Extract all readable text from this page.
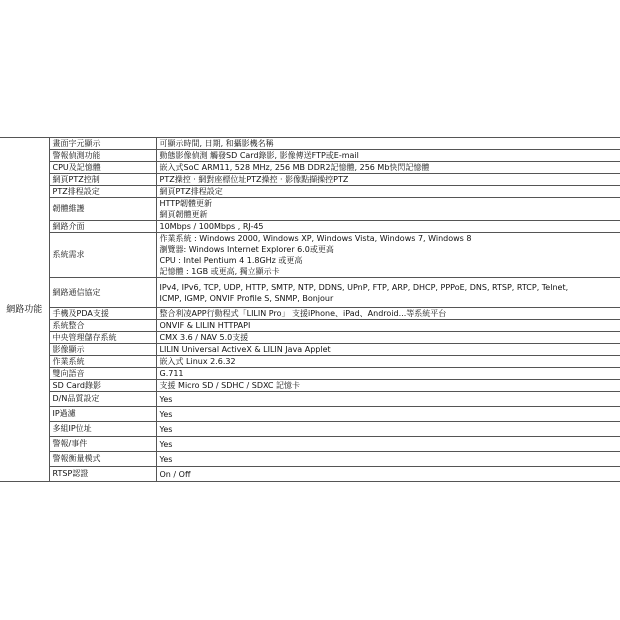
網路功能	畫面字元顯示	可顯示時間, 日期, 和攝影機名稱

	警報偵測功能	動態影像偵測 觸發SD Card錄影, 影像傳送FTP或E-mail

	CPU及記憶體	嵌入式SoC ARM11, 528 MHz, 256 MB DDR2記憶體, 256 Mb快閃記憶體

	網頁PTZ控制	PTZ操控 ‧ 網對座標位址PTZ操控 ‧ 影像點擷操控PTZ

	PTZ排程設定	網頁PTZ排程設定

	韌體維護	HTTP韌體更新
網頁韌體更新

	網路介面	10Mbps / 100Mbps , RJ-45

	系統需求	作業系統 : Windows 2000, Windows XP, Windows Vista, Windows 7, Windows 8
瀏覽器: Windows Internet Explorer 6.0或更高
CPU : Intel Pentium 4 1.8GHz 或更高
記憶體 : 1GB 或更高, 獨立顯示卡

	網路通信協定	IPv4, IPv6, TCP, UDP, HTTP, SMTP, NTP, DDNS, UPnP, FTP, ARP, DHCP, PPPoE, DNS, RTSP, RTCP, Telnet,
ICMP, IGMP, ONVIF Profile S, SNMP, Bonjour

	手機及PDA支援	整合利凌APP行動程式「LILIN Pro」 支援iPhone、iPad、Android...等系統平台

	系統整合	ONVIF & LILIN HTTPAPI

	中央管理儲存系統	CMX 3.6 / NAV 5.0支援

	影像顯示	LILIN Universal ActiveX & LILIN Java Applet

	作業系統	嵌入式 Linux 2.6.32

	雙向語音	G.711

	SD Card錄影	支援 Micro SD / SDHC / SDXC 記憶卡

	D/N品質設定	Yes

	IP過濾	Yes

	多組IP位址	Yes

	警報/事件	Yes

	警報衡量模式	Yes

	RTSP認證	On / Off
